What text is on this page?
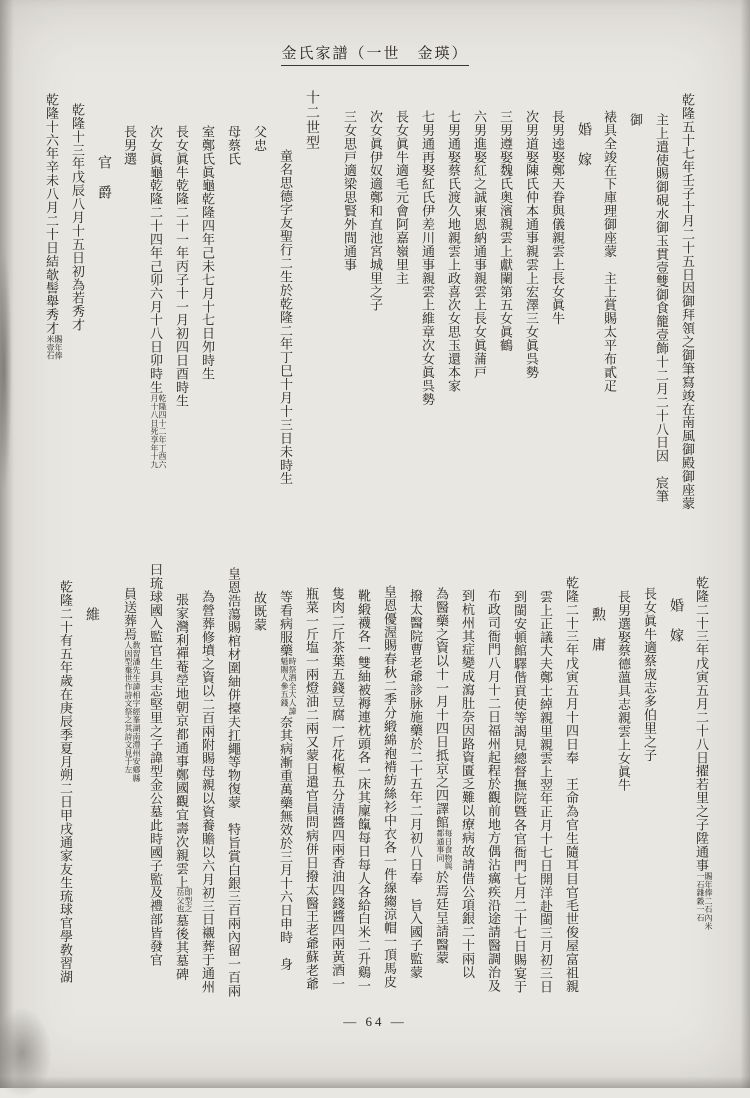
金氏家譜（一世　金瑛）
乾隆五十七年壬子十月二十五日因御拜領之御筆寫竣在南風御殿御座蒙
主上遣使賜御硯水御玉貫壹雙御食籠壹飾十二月二十八日因　宸筆御
裱具全竣在下庫理御座蒙　主上賞賜太平布貳疋
婚　嫁
長男逵娶鄭天眷與儀親雲上長女眞牛
次男道娶陳氏仲本通事親雲上宏澤三女眞呉勢
三男遵娶魏氏奥濱親雲上獻闌第五女眞鶴
六男進娶紅之誠東恩納通事親雲上長女眞蒲戸
七男通娶蔡氏渡久地親雲上政喜次女思玉還本家
七男通再娶紅氏伊差川通事親雲上維章次女眞呉勢
長女眞牛適毛元會阿嘉嶺里主
次女眞伊奴適鄭和直池宮城里之子
三女思戸適梁思賢外間通事
十二世型
童名思德字友聖行二生於乾隆二年丁巳十月十三日未時生
父忠
母蔡氏
室鄭氏眞龜乾隆四年己未七月十七日夘時生
長女眞牛乾隆二十一年丙子十一月初四日酉時生
次女眞龜乾隆二十四年己卯六月十八日卯時生
乾隆四十二年丁酉六
月十八日死享年十九
長男選
官　爵
乾隆十三年戊辰八月十五日初為若秀才
乾隆十六年辛未八月二十日結欹髻舉秀才
賜年俸
米壹石
乾隆二十三年戊寅五月二十八日擢若里之子陞通事
賜年俸二石內米
一石雜穀一石
婚　嫁
長女眞牛適蔡宬志多伯里之子
長男選娶蔡德薀具志親雲上女眞牛
勲　庸
乾隆二十三年戊寅五月十四日奉　王命為官生隨耳目官毛世俊屋富祖親
雲上正議大夫鄭士綽親里親雲上翌年正月十七日開洋赴閩三月初三日
到閩安頓館驛偕貢使等謁見總督撫院曁各官衙門七月二十七日賜宴于
布政司衙門八月十二日福州起程於觀前地方偶沾癘疾沿途請醫調治及
到杭州其症變成瀉肚奈因路資匱乏難以療病故請借公項銀二十兩以
為醫藥之資以十一月十四日抵京之四譯館
每日食物與
都通事同
於焉廷呈請醫蒙
撥太醫院曹老爺診脉施藥於二十五年二月初八日奉　旨入國子監蒙
皇恩優渥賜春秋二季分緞綿袍褙紡絲衫中衣各一件線縐涼帽一頂馬皮
靴緞襪各一雙紬被褥連枕頭各一床其廩餼每日每人各給白米二升鷄一
隻肉二斤茶葉五錢豆腐一斤花椒五分清醬四兩香油四錢醬四兩黃酒一
瓶菜一斤塩一兩燈油二兩又蒙日遣官員問病併日撥太醫王老爺蘇老爺
等看病服藥
時祭酒全大人諱
魁賜人參五錢
奈其病漸重萬藥無效於三月十六日申時　身
故既蒙
皇恩浩蕩賜棺材圍紬併擡夫扛繩等物復蒙　特旨賞白銀三百兩內留一百兩
為營葬修墳之資以二百兩附賜母親以資養贍以六月初三日襯葬于通州
張家灣利禪菴塋地朝京都通事鄭國觀宜壽次親雲上
即型之
岳父也
墓後其墓碑
曰琉球國入監官生具志堅里之子諱型金公墓此時國子監及禮部皆發官
員送葬焉
敎習潘先生諱相字經峯湖南澧州安鄕縣
人因型棄世作詩文祭之其詩文見于左
維
乾隆二十有五年歲在庚辰季夏月朔二日甲戌通家友生琉球官學敎習湖
— 64 —
